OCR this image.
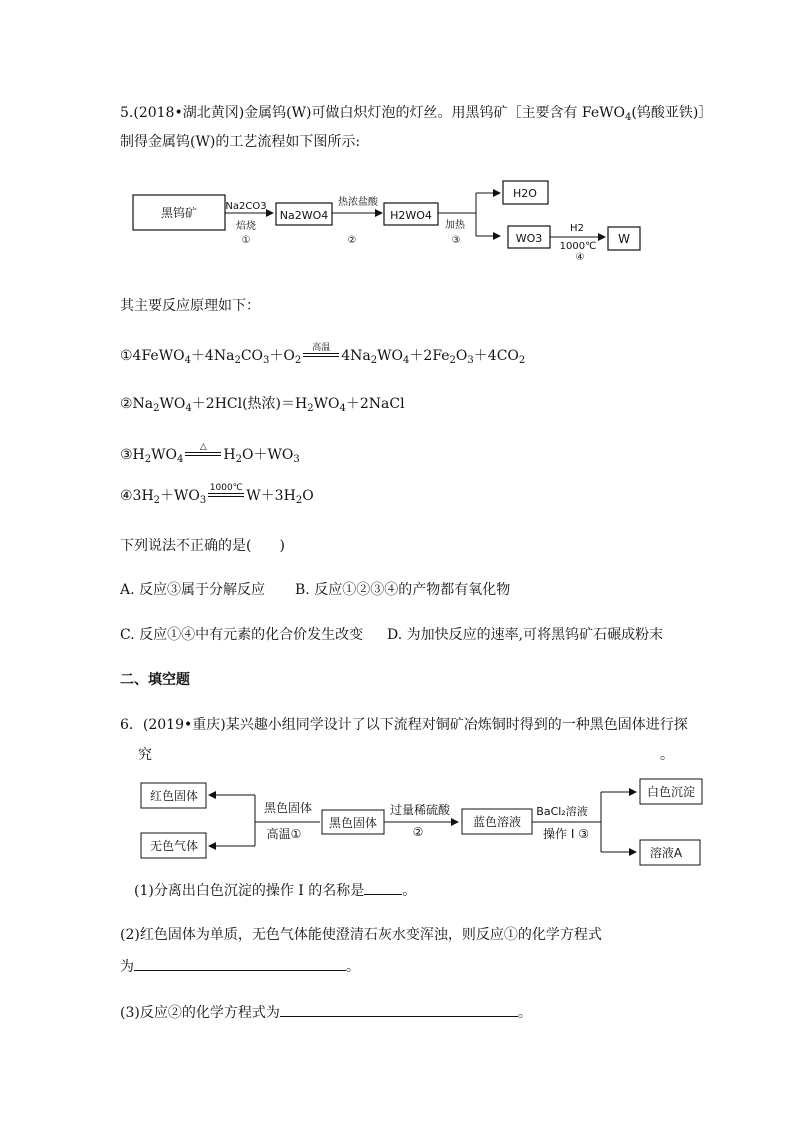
5.(2018•湖北黄冈)金属钨(W)可做白炽灯泡的灯丝。用黑钨矿［主要含有 FeWO$_4$(钨酸亚铁)］
制得金属钨(W)的工艺流程如下图所示:
黑钨矿	Na2CO3
焙烧
①
Na2WO4
热浓盐酸
②
H2WO4
加热
③
H2O
WO3
H2
1000℃
④
W
红色固体
无色气体
黑色固体
高温①
黑色固体
过量稀硫酸
②
蓝色溶液
BaCl₂溶液
操作 I ③
白色沉淀
溶液A
其主要反应原理如下：
$①4FeWO_4+4Na_2CO_3+O_2$
高温 $4Na_2WO_4+2Fe_2O_3+4CO_2$
$②Na_2WO_4+2HCl$(热浓)$=H_2WO_4+2NaCl$
$③H_2WO_4$
△	$H_2O+WO_3$
$④3H_2+WO_3$
1000℃ $W+3H_2O$
下列说法不正确的是(　　)
A. 反应③属于分解反应 B. 反应①②③④的产物都有氧化物
C. 反应①④中有元素的化合价发生改变 D. 为加快反应的速率,可将黑钨矿石碾成粉末
二、填空题
6．(2019•重庆)某兴趣小组同学设计了以下流程对铜矿冶炼铜时得到的一种黑色固体进行探
究	。
(1)分离出白色沉淀的操作 I 的名称是	。
(2)红色固体为单质，无色气体能使澄清石灰水变浑浊，则反应①的化学方程式
为	。
(3)反应②的化学方程式为	。
